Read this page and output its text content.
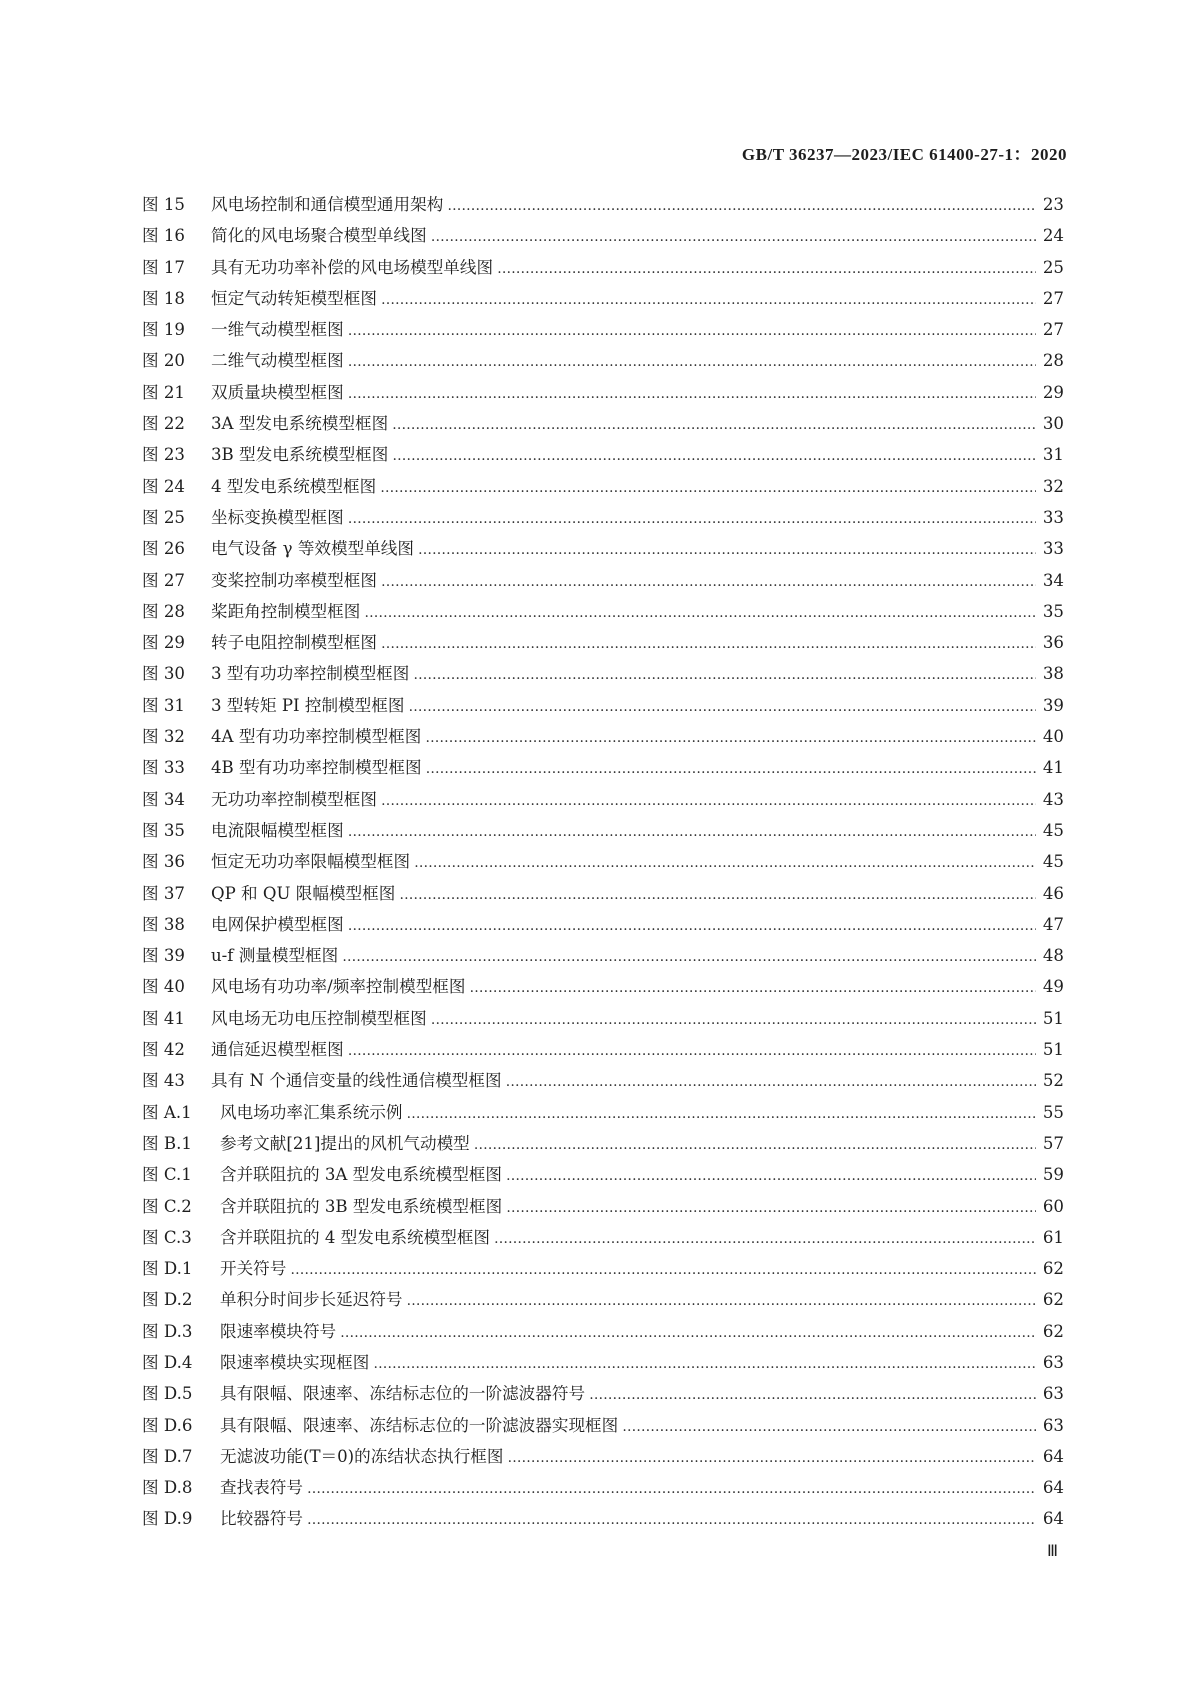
GB/T 36237—2023/IEC 61400-27-1：2020
图 15	风电场控制和通信模型通用架构 ……………………………………………………………………………………………………………………………………………………………………………………………………	23
图 16	简化的风电场聚合模型单线图 ……………………………………………………………………………………………………………………………………………………………………………………………………	24
图 17	具有无功功率补偿的风电场模型单线图 ……………………………………………………………………………………………………………………………………………………………………………………………………	25
图 18	恒定气动转矩模型框图 ……………………………………………………………………………………………………………………………………………………………………………………………………	27
图 19	一维气动模型框图 ……………………………………………………………………………………………………………………………………………………………………………………………………	27
图 20	二维气动模型框图 ……………………………………………………………………………………………………………………………………………………………………………………………………	28
图 21	双质量块模型框图 ……………………………………………………………………………………………………………………………………………………………………………………………………	29
图 22	3A 型发电系统模型框图 ……………………………………………………………………………………………………………………………………………………………………………………………………	30
图 23	3B 型发电系统模型框图 ……………………………………………………………………………………………………………………………………………………………………………………………………	31
图 24	4 型发电系统模型框图 ……………………………………………………………………………………………………………………………………………………………………………………………………	32
图 25	坐标变换模型框图 ……………………………………………………………………………………………………………………………………………………………………………………………………	33
图 26	电气设备 γ 等效模型单线图 ……………………………………………………………………………………………………………………………………………………………………………………………………	33
图 27	变桨控制功率模型框图 ……………………………………………………………………………………………………………………………………………………………………………………………………	34
图 28	桨距角控制模型框图 ……………………………………………………………………………………………………………………………………………………………………………………………………	35
图 29	转子电阻控制模型框图 ……………………………………………………………………………………………………………………………………………………………………………………………………	36
图 30	3 型有功功率控制模型框图 ……………………………………………………………………………………………………………………………………………………………………………………………………	38
图 31	3 型转矩 PI 控制模型框图 ……………………………………………………………………………………………………………………………………………………………………………………………………	39
图 32	4A 型有功功率控制模型框图 ……………………………………………………………………………………………………………………………………………………………………………………………………	40
图 33	4B 型有功功率控制模型框图 ……………………………………………………………………………………………………………………………………………………………………………………………………	41
图 34	无功功率控制模型框图 ……………………………………………………………………………………………………………………………………………………………………………………………………	43
图 35	电流限幅模型框图 ……………………………………………………………………………………………………………………………………………………………………………………………………	45
图 36	恒定无功功率限幅模型框图 ……………………………………………………………………………………………………………………………………………………………………………………………………	45
图 37	QP 和 QU 限幅模型框图 ……………………………………………………………………………………………………………………………………………………………………………………………………	46
图 38	电网保护模型框图 ……………………………………………………………………………………………………………………………………………………………………………………………………	47
图 39	u-f 测量模型框图 ……………………………………………………………………………………………………………………………………………………………………………………………………	48
图 40	风电场有功功率/频率控制模型框图 ……………………………………………………………………………………………………………………………………………………………………………………………………	49
图 41	风电场无功电压控制模型框图 ……………………………………………………………………………………………………………………………………………………………………………………………………	51
图 42	通信延迟模型框图 ……………………………………………………………………………………………………………………………………………………………………………………………………	51
图 43	具有 N 个通信变量的线性通信模型框图 ……………………………………………………………………………………………………………………………………………………………………………………………………	52
图 A.1	风电场功率汇集系统示例 ……………………………………………………………………………………………………………………………………………………………………………………………………	55
图 B.1	参考文献[21]提出的风机气动模型 ……………………………………………………………………………………………………………………………………………………………………………………………………	57
图 C.1	含并联阻抗的 3A 型发电系统模型框图 ……………………………………………………………………………………………………………………………………………………………………………………………………	59
图 C.2	含并联阻抗的 3B 型发电系统模型框图 ……………………………………………………………………………………………………………………………………………………………………………………………………	60
图 C.3	含并联阻抗的 4 型发电系统模型框图 ……………………………………………………………………………………………………………………………………………………………………………………………………	61
图 D.1	开关符号 ……………………………………………………………………………………………………………………………………………………………………………………………………	62
图 D.2	单积分时间步长延迟符号 ……………………………………………………………………………………………………………………………………………………………………………………………………	62
图 D.3	限速率模块符号 ……………………………………………………………………………………………………………………………………………………………………………………………………	62
图 D.4	限速率模块实现框图 ……………………………………………………………………………………………………………………………………………………………………………………………………	63
图 D.5	具有限幅、限速率、冻结标志位的一阶滤波器符号 ……………………………………………………………………………………………………………………………………………………………………………………………………	63
图 D.6	具有限幅、限速率、冻结标志位的一阶滤波器实现框图 ……………………………………………………………………………………………………………………………………………………………………………………………………	63
图 D.7	无滤波功能(T＝0)的冻结状态执行框图 ……………………………………………………………………………………………………………………………………………………………………………………………………	64
图 D.8	查找表符号 ……………………………………………………………………………………………………………………………………………………………………………………………………	64
图 D.9	比较器符号 ……………………………………………………………………………………………………………………………………………………………………………………………………	64
Ⅲ
